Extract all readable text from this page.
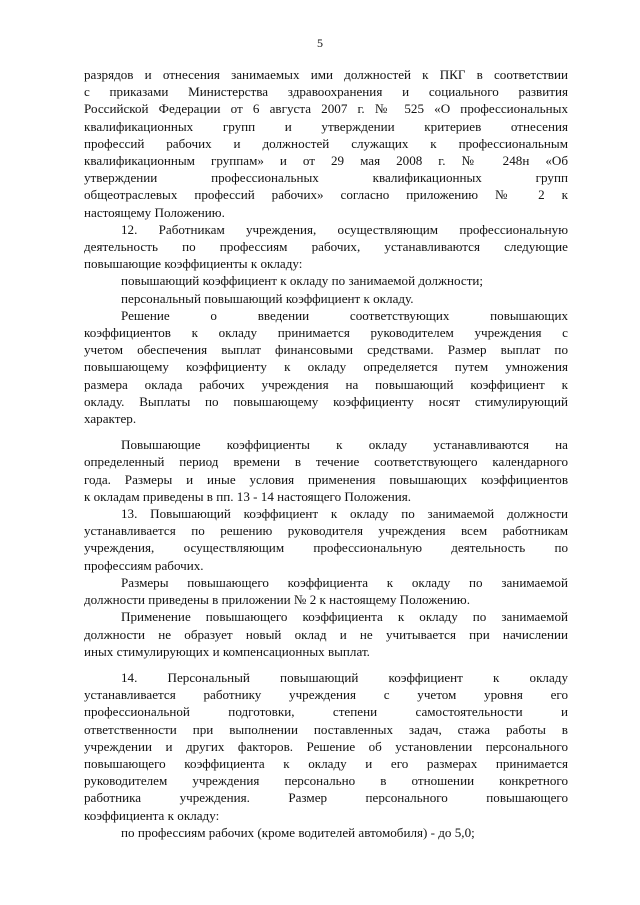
5

разрядов и отнесения занимаемых ими должностей к ПКГ в соответствии

с приказами Министерства здравоохранения и социального развития

Российской Федерации от 6 августа 2007 г. № 525 «О профессиональных

квалификационных групп и утверждении критериев отнесения

профессий рабочих и должностей служащих к профессиональным

квалификационным группам» и от 29 мая 2008 г. № 248н «Об

утверждении профессиональных квалификационных групп

общеотраслевых профессий рабочих» согласно приложению № 2 к

настоящему Положению.

12. Работникам учреждения, осуществляющим профессиональную

деятельность по профессиям рабочих, устанавливаются следующие

повышающие коэффициенты к окладу:

повышающий коэффициент к окладу по занимаемой должности;

персональный повышающий коэффициент к окладу.

Решение о введении соответствующих повышающих

коэффициентов к окладу принимается руководителем учреждения с

учетом обеспечения выплат финансовыми средствами. Размер выплат по

повышающему коэффициенту к окладу определяется путем умножения

размера оклада рабочих учреждения на повышающий коэффициент к

окладу. Выплаты по повышающему коэффициенту носят стимулирующий

характер.

Повышающие коэффициенты к окладу устанавливаются на

определенный период времени в течение соответствующего календарного

года. Размеры и иные условия применения повышающих коэффициентов

к окладам приведены в пп. 13 - 14 настоящего Положения.

13. Повышающий коэффициент к окладу по занимаемой должности

устанавливается по решению руководителя учреждения всем работникам

учреждения, осуществляющим профессиональную деятельность по

профессиям рабочих.

Размеры повышающего коэффициента к окладу по занимаемой

должности приведены в приложении № 2 к настоящему Положению.

Применение повышающего коэффициента к окладу по занимаемой

должности не образует новый оклад и не учитывается при начислении

иных стимулирующих и компенсационных выплат.

14. Персональный повышающий коэффициент к окладу

устанавливается работнику учреждения с учетом уровня его

профессиональной подготовки, степени самостоятельности и

ответственности при выполнении поставленных задач, стажа работы в

учреждении и других факторов. Решение об установлении персонального

повышающего коэффициента к окладу и его размерах принимается

руководителем учреждения персонально в отношении конкретного

работника учреждения. Размер персонального повышающего

коэффициента к окладу:

по профессиям рабочих (кроме водителей автомобиля) - до 5,0;
